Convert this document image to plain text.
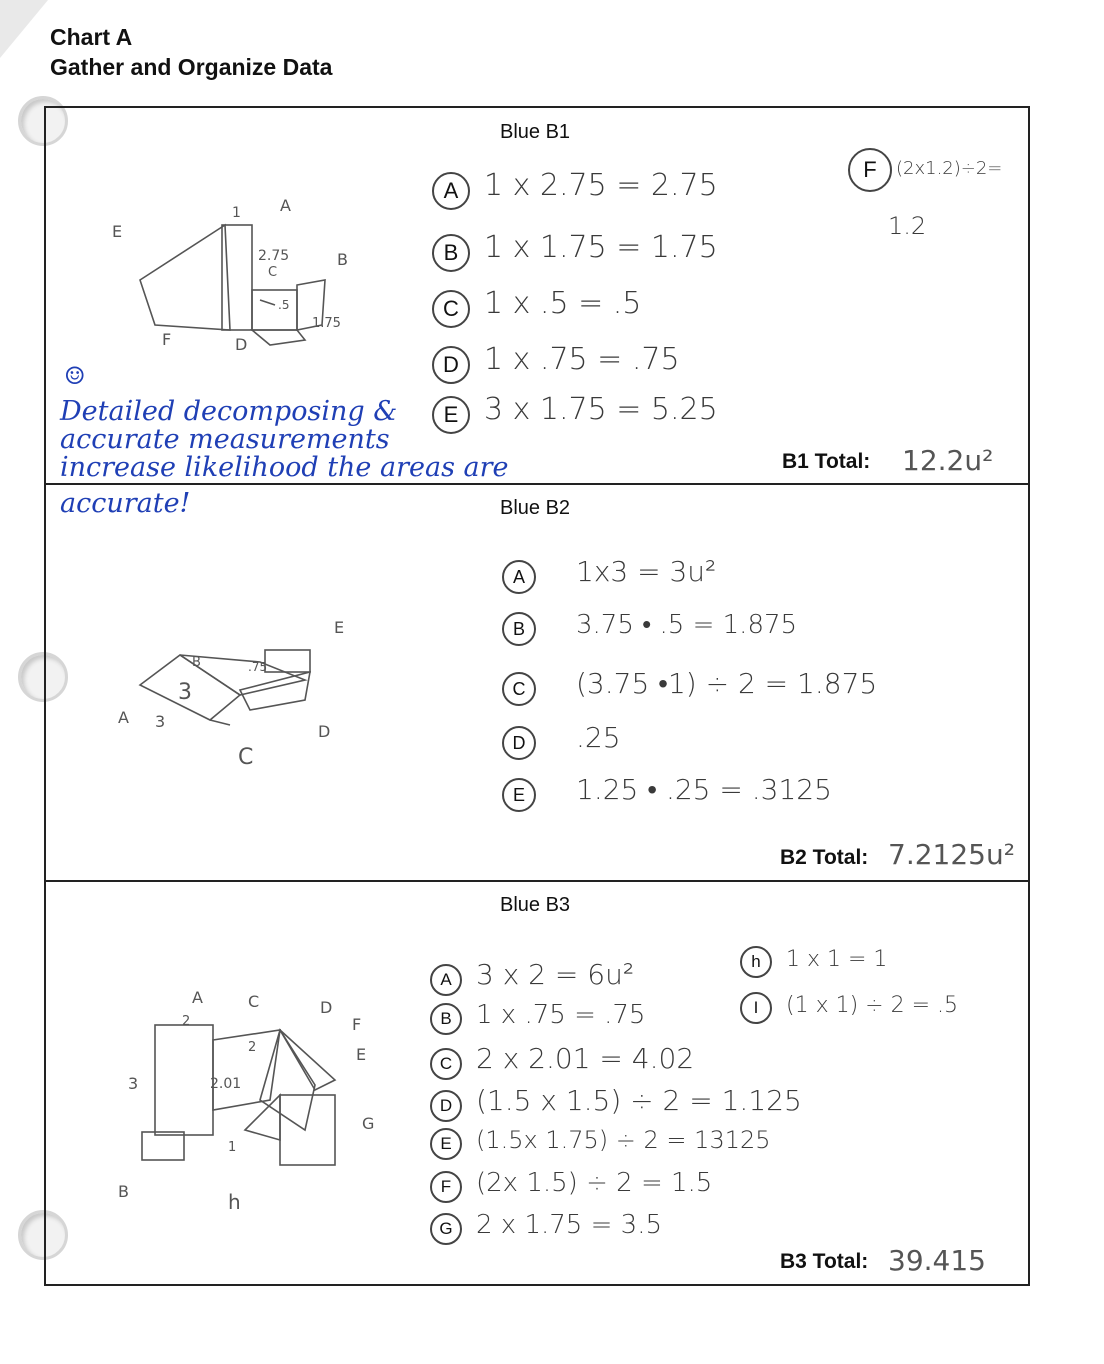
Chart A
Gather and Organize Data
Blue B1
E
A
B
F	D
C
2.75
1.75
1
.5
A 1 x 2.75 = 2.75
B 1 x 1.75 = 1.75
C 1 x .5 = .5
D 1 x .75 = .75
E 3 x 1.75 = 5.25
F (2x1.2)÷2=
1.2
B1 Total: 12.2u²
☺
Detailed decomposing &
accurate measurements
increase likelihood the areas are
accurate!	Blue B2
A 3
3
B	.75
C
D
E
A 1x3 = 3u²
B 3.75 • .5 = 1.875
C (3.75 •1) ÷ 2 = 1.875
D .25
E 1.25 • .25 = .3125
B2 Total: 7.2125u²
Blue B3
A
2
C	D
F
E
G
3	2.01
2
1
B	h
A 3 x 2 = 6u²
B 1 x .75 = .75
C 2 x 2.01 = 4.02
D (1.5 x 1.5) ÷ 2 = 1.125
E (1.5x 1.75) ÷ 2 = 13125
F (2x 1.5) ÷ 2 = 1.5
G 2 x 1.75 = 3.5
h 1 x 1 = 1
I (1 x 1) ÷ 2 = .5
B3 Total: 39.415
